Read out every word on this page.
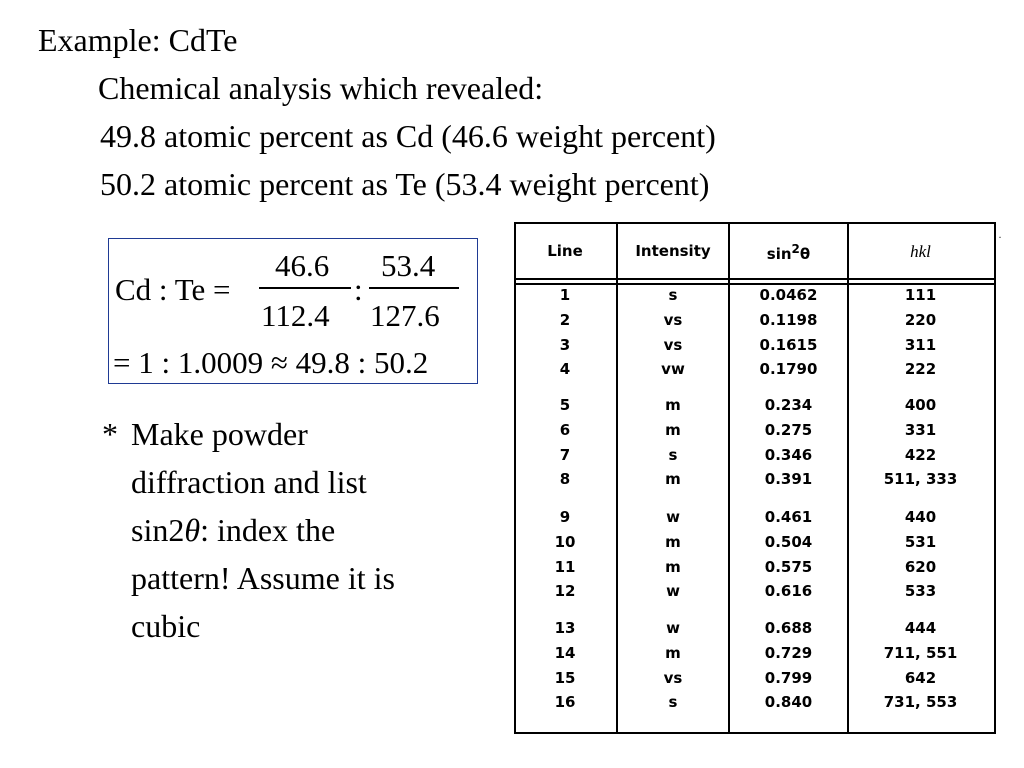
Example: CdTe
Chemical analysis which revealed:
49.8 atomic percent as Cd (46.6 weight percent)
50.2 atomic percent as Te (53.4 weight percent)
Cd : Te =
46.6
112.4
:
53.4
127.6
= 1 : 1.0009 ≈ 49.8 : 50.2
* Make powder
diffraction and list
sin2θ: index the
pattern! Assume it is
cubic
Line	Intensity	$\sin^2\theta$	hkl
1	s	0.0462	111
2	vs	0.1198	220
3	vs	0.1615	311
4	vw	0.1790	222
5	m	0.234	400
6	m	0.275	331
7	s	0.346	422
8	m	0.391	511, 333
9	w	0.461	440
10	m	0.504	531
11	m	0.575	620
12	w	0.616	533
13	w	0.688	444
14	m	0.729	711, 551
15	vs	0.799	642
16	s	0.840	731, 553
·
